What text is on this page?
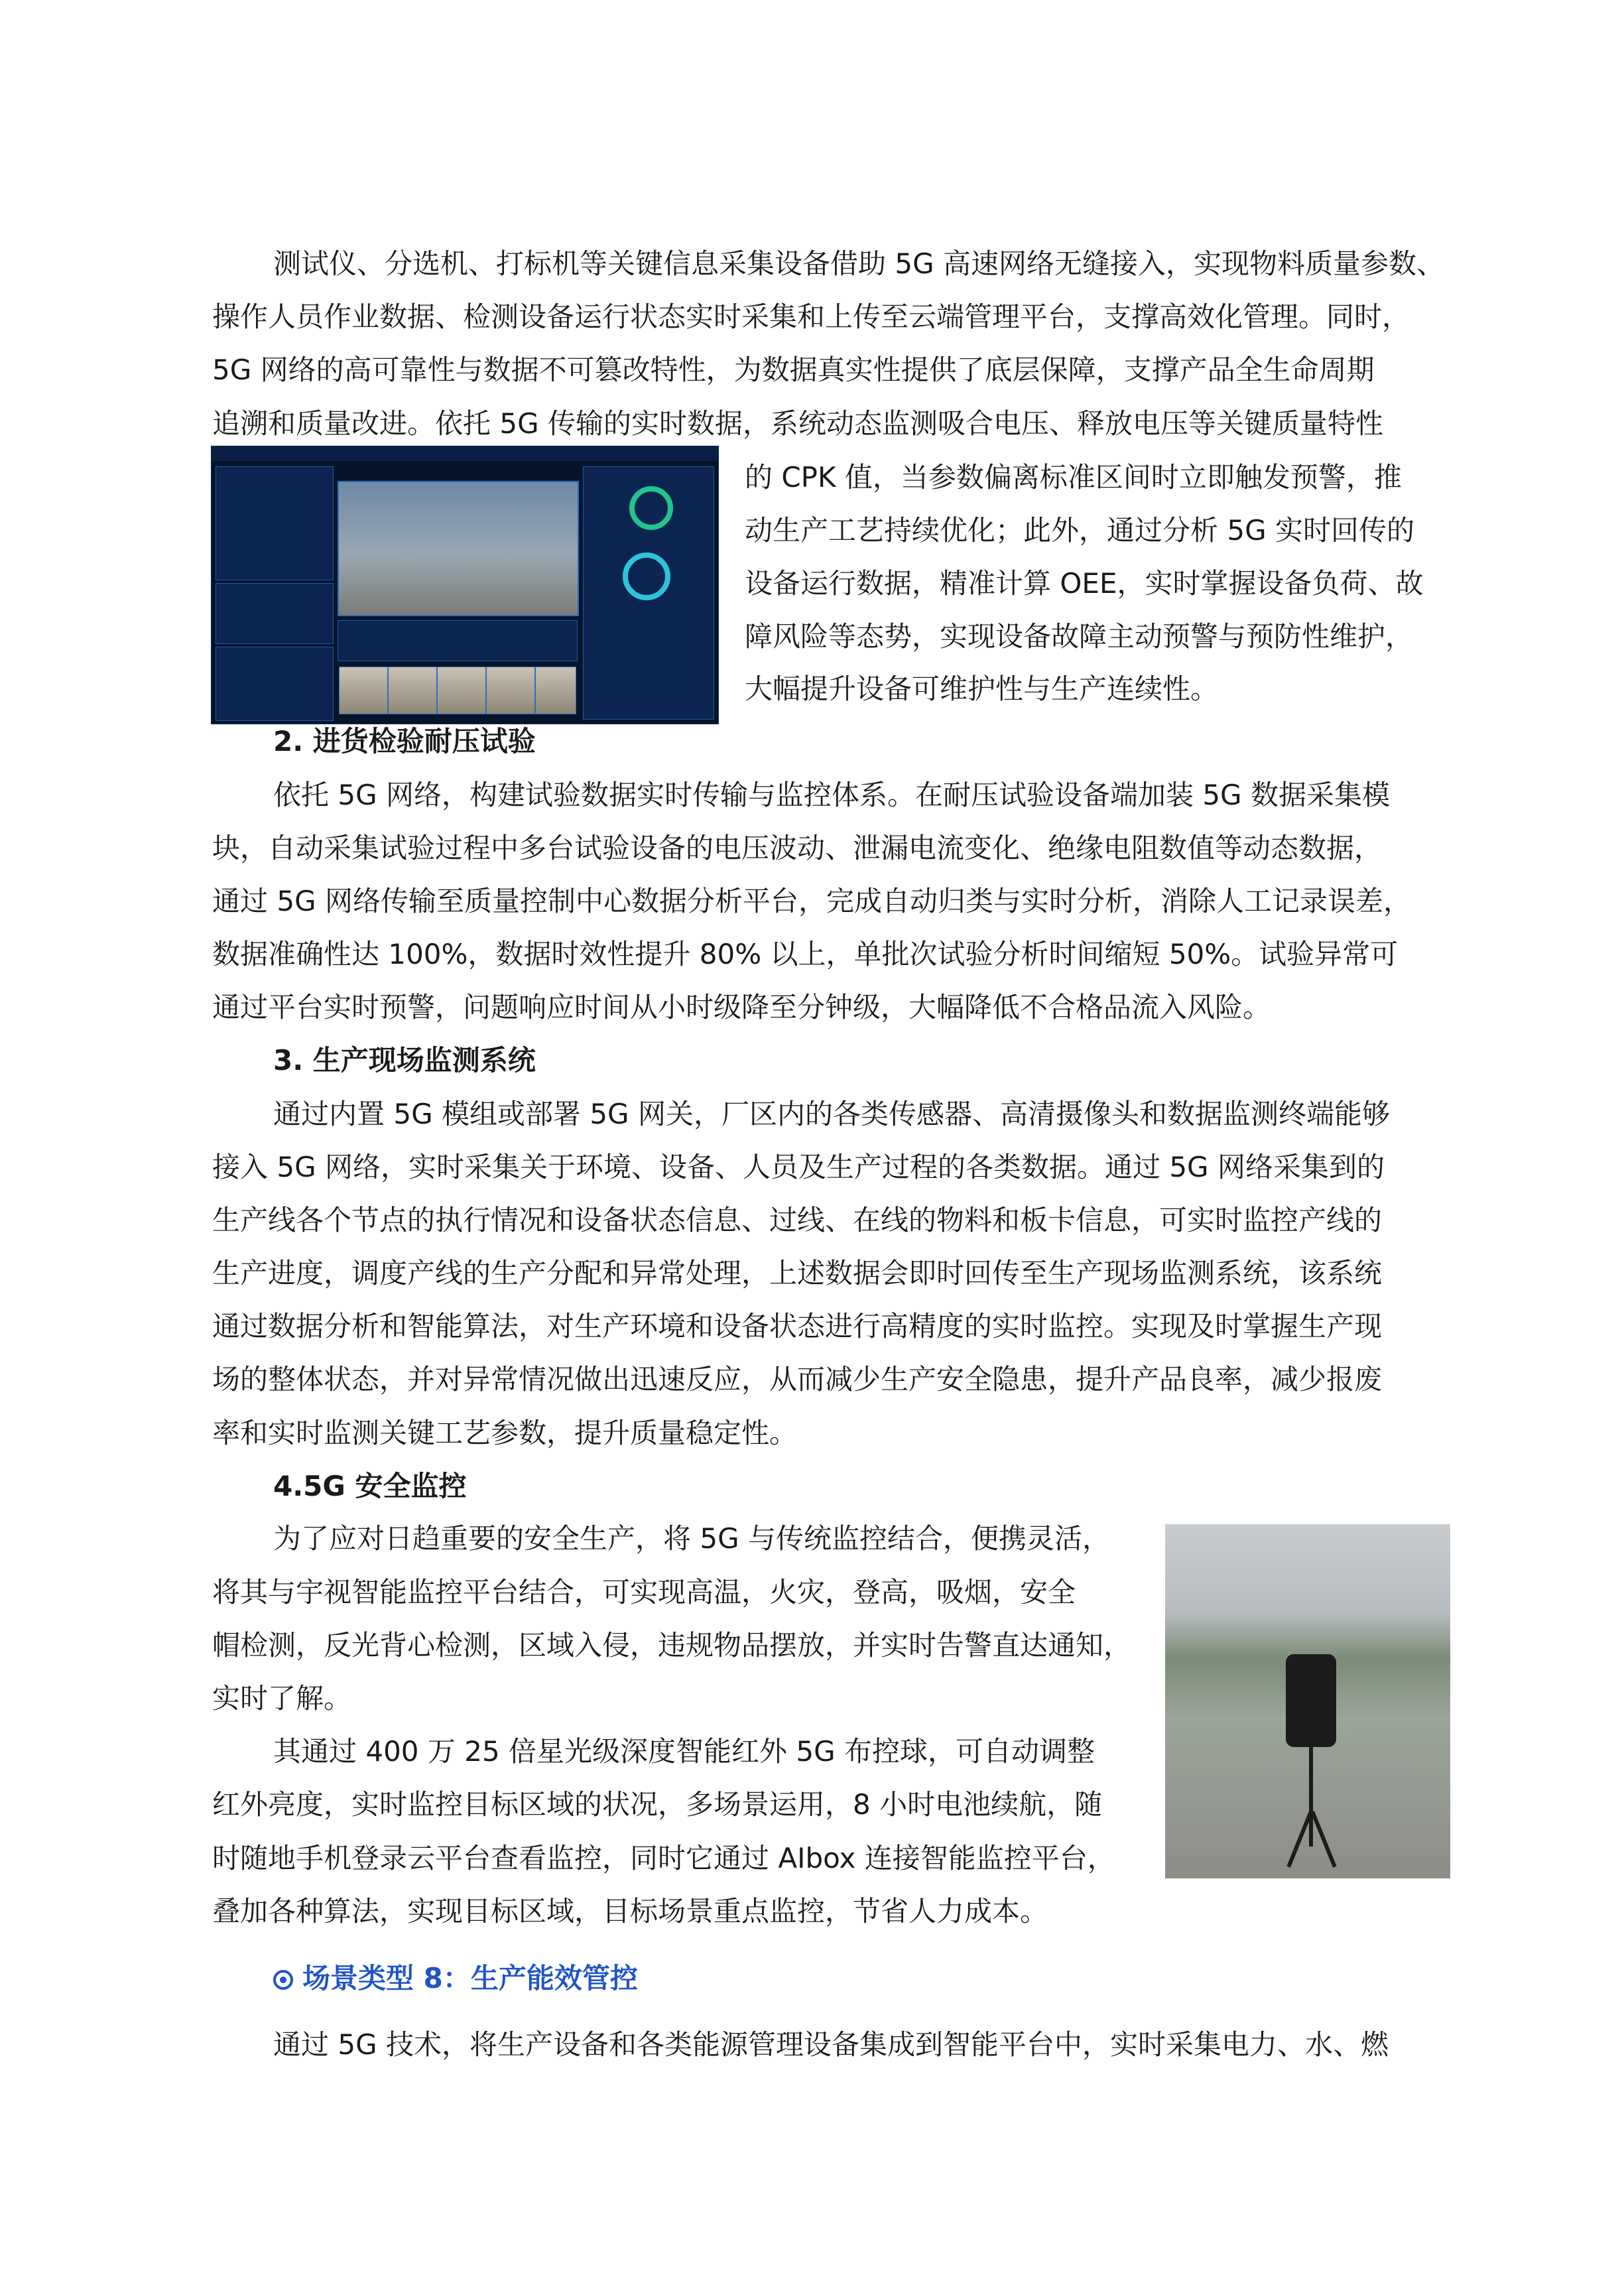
测试仪、分选机、打标机等关键信息采集设备借助 5G 高速网络无缝接入，实现物料质量参数、
操作人员作业数据、检测设备运行状态实时采集和上传至云端管理平台，支撑高效化管理。同时，
5G 网络的高可靠性与数据不可篡改特性，为数据真实性提供了底层保障，支撑产品全生命周期
追溯和质量改进。依托 5G 传输的实时数据，系统动态监测吸合电压、释放电压等关键质量特性
的 CPK 值，当参数偏离标准区间时立即触发预警，推
动生产工艺持续优化；此外，通过分析 5G 实时回传的
设备运行数据，精准计算 OEE，实时掌握设备负荷、故
障风险等态势，实现设备故障主动预警与预防性维护，
大幅提升设备可维护性与生产连续性。
2. 进货检验耐压试验
依托 5G 网络，构建试验数据实时传输与监控体系。在耐压试验设备端加装 5G 数据采集模
块，自动采集试验过程中多台试验设备的电压波动、泄漏电流变化、绝缘电阻数值等动态数据，
通过 5G 网络传输至质量控制中心数据分析平台，完成自动归类与实时分析，消除人工记录误差，
数据准确性达 100%，数据时效性提升 80% 以上，单批次试验分析时间缩短 50%。试验异常可
通过平台实时预警，问题响应时间从小时级降至分钟级，大幅降低不合格品流入风险。
3. 生产现场监测系统
通过内置 5G 模组或部署 5G 网关，厂区内的各类传感器、高清摄像头和数据监测终端能够
接入 5G 网络，实时采集关于环境、设备、人员及生产过程的各类数据。通过 5G 网络采集到的
生产线各个节点的执行情况和设备状态信息、过线、在线的物料和板卡信息，可实时监控产线的
生产进度，调度产线的生产分配和异常处理，上述数据会即时回传至生产现场监测系统，该系统
通过数据分析和智能算法，对生产环境和设备状态进行高精度的实时监控。实现及时掌握生产现
场的整体状态，并对异常情况做出迅速反应，从而减少生产安全隐患，提升产品良率，减少报废
率和实时监测关键工艺参数，提升质量稳定性。
4.5G 安全监控
为了应对日趋重要的安全生产，将 5G 与传统监控结合，便携灵活，
将其与宇视智能监控平台结合，可实现高温，火灾，登高，吸烟，安全
帽检测，反光背心检测，区域入侵，违规物品摆放，并实时告警直达通知，
实时了解。
其通过 400 万 25 倍星光级深度智能红外 5G 布控球，可自动调整
红外亮度，实时监控目标区域的状况，多场景运用，8 小时电池续航，随
时随地手机登录云平台查看监控，同时它通过 AIbox 连接智能监控平台，
叠加各种算法，实现目标区域，目标场景重点监控，节省人力成本。
场景类型 8：生产能效管控
通过 5G 技术，将生产设备和各类能源管理设备集成到智能平台中，实时采集电力、水、燃
